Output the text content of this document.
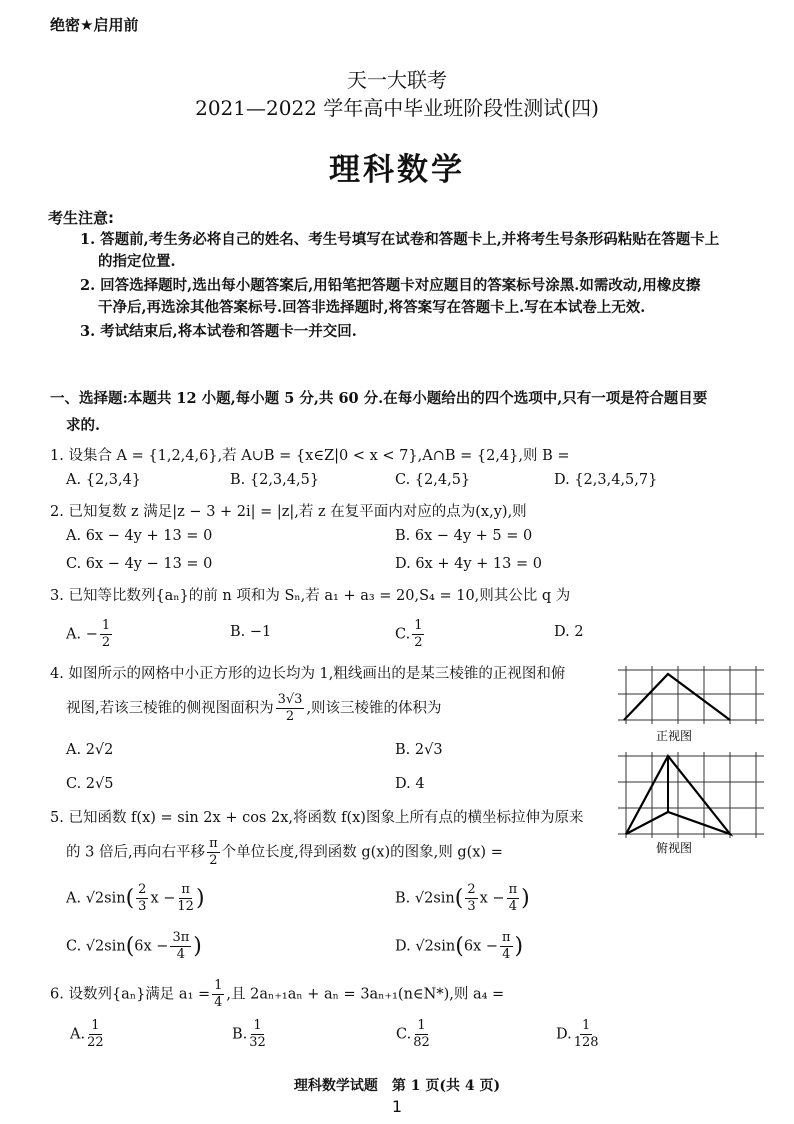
绝密★启用前
天一大联考
2021—2022 学年高中毕业班阶段性测试(四)
理科数学
考生注意:
1. 答题前,考生务必将自己的姓名、考生号填写在试卷和答题卡上,并将考生号条形码粘贴在答题卡上
的指定位置.
2. 回答选择题时,选出每小题答案后,用铅笔把答题卡对应题目的答案标号涂黑.如需改动,用橡皮擦
干净后,再选涂其他答案标号.回答非选择题时,将答案写在答题卡上.写在本试卷上无效.
3. 考试结束后,将本试卷和答题卡一并交回.
一、选择题:本题共 12 小题,每小题 5 分,共 60 分.在每小题给出的四个选项中,只有一项是符合题目要
求的.
1. 设集合 A = {1,2,4,6},若 A∪B = {x∈Z|0 < x < 7},A∩B = {2,4},则 B =
A. {2,3,4}	B. {2,3,4,5}	C. {2,4,5}	D. {2,3,4,5,7}
2. 已知复数 z 满足|z − 3 + 2i| = |z|,若 z 在复平面内对应的点为(x,y),则
A. 6x − 4y + 13 = 0	B. 6x − 4y + 5 = 0
C. 6x − 4y − 13 = 0	D. 6x + 4y + 13 = 0
3. 已知等比数列{aₙ}的前 n 项和为 Sₙ,若 a₁ + a₃ = 20,S₄ = 10,则其公比 q 为
A. − $\frac{1}{2}$	B. −1	C. $\frac{1}{2}$	D. 2
4. 如图所示的网格中小正方形的边长均为 1,粗线画出的是某三棱锥的正视图和俯
视图,若该三棱锥的侧视图面积为 $\frac{3√3}{2}$ ,则该三棱锥的体积为
A. 2√2	B. 2√3
C. 2√5	D. 4
正视图
俯视图
5. 已知函数 f(x) = sin 2x + cos 2x,将函数 f(x)图象上所有点的横坐标拉伸为原来
的 3 倍后,再向右平移 $\frac{\pi}{2}$ 个单位长度,得到函数 g(x)的图象,则 g(x) =
A. $√2\sin( \frac{2}{3}$ $x - \frac{\pi}{12}$ )	B. $√2\sin( \frac{2}{3}$ $x - \frac{\pi}{4}$ )
C. $√2\sin(6x - \frac{3\pi}{4}$ )	D. $√2\sin(6x - \frac{\pi}{4}$ )
6. 设数列{aₙ}满足 $a_1 = \frac{1}{4}$ ,且 2aₙ₊₁aₙ + aₙ = 3aₙ₊₁(n∈N*),则 a₄ =
A. $\frac{1}{22}$	B. $\frac{1}{32}$	C. $\frac{1}{82}$	D. $\frac{1}{128}$
理科数学试题　第 1 页(共 4 页)
1
